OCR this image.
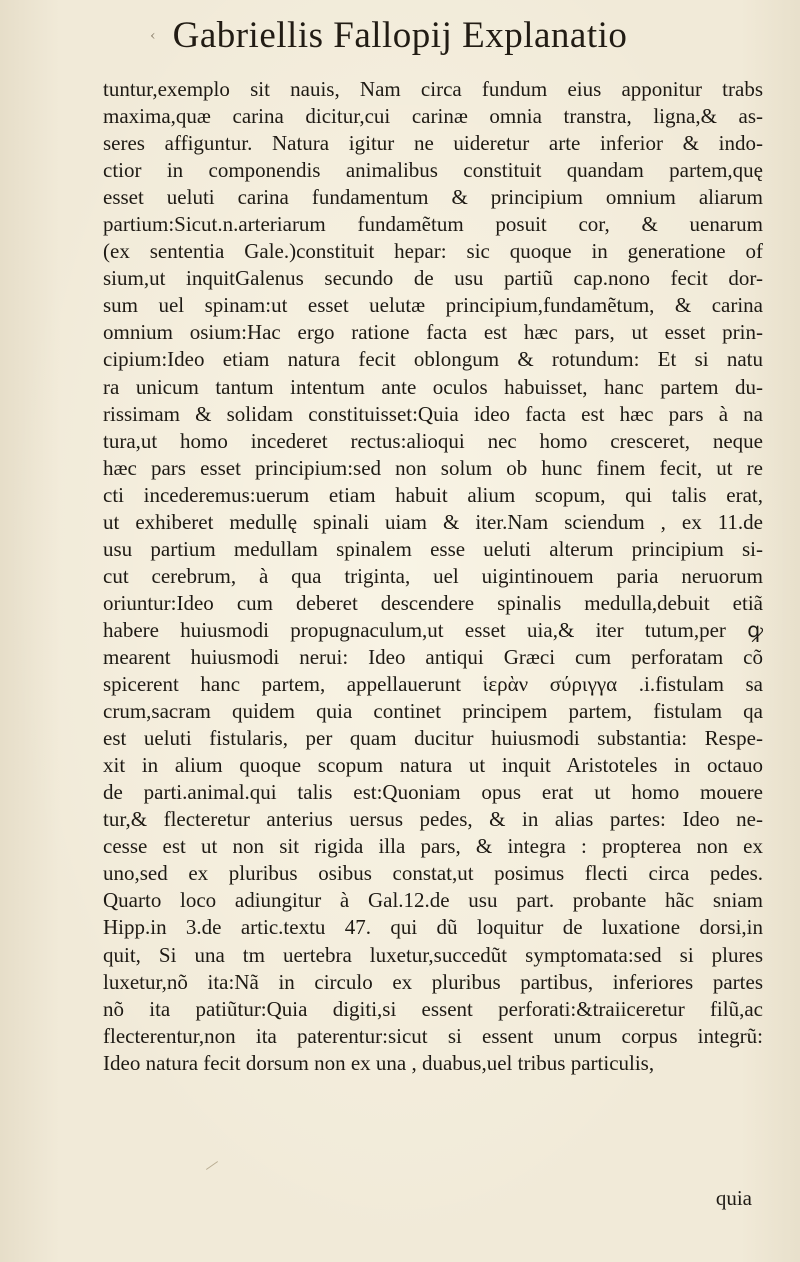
‹ Gabriellis Fallopij Explanatio
tuntur,exemplo sit nauis, Nam circa fundum eius apponitur trabs
maxima,quæ carina dicitur,cui carinæ omnia transtra, ligna,& as-
seres affiguntur. Natura igitur ne uideretur arte inferior & indo-
ctior in componendis animalibus constituit quandam partem,quę
esset ueluti carina fundamentum & principium omnium aliarum
partium:Sicut.n.arteriarum fundamẽtum posuit cor, & uenarum
(ex sententia Gale.)constituit hepar: sic quoque in generatione of
sium,ut inquitGalenus secundo de usu partiũ cap.nono fecit dor-
sum uel spinam:ut esset uelutæ principium,fundamẽtum, & carina
omnium osium:Hac ergo ratione facta est hæc pars, ut esset prin-
cipium:Ideo etiam natura fecit oblongum & rotundum: Et si natu
ra unicum tantum intentum ante oculos habuisset, hanc partem du-
rissimam & solidam constituisset:Quia ideo facta est hæc pars à na
tura,ut homo incederet rectus:alioqui nec homo cresceret, neque
hæc pars esset principium:sed non solum ob hunc finem fecit, ut re
cti incederemus:uerum etiam habuit alium scopum, qui talis erat,
ut exhiberet medullę spinali uiam & iter.Nam sciendum , ex 11.de
usu partium medullam spinalem esse ueluti alterum principium si-
cut cerebrum, à qua triginta, uel uigintinouem paria neruorum
oriuntur:Ideo cum deberet descendere spinalis medulla,debuit etiã
habere huiusmodi propugnaculum,ut esset uia,& iter tutum,per ꝙ
mearent huiusmodi nerui: Ideo antiqui Græci cum perforatam cõ
spicerent hanc partem, appellauerunt ἱερὰν σύριγγα .i.fistulam sa
crum,sacram quidem quia continet principem partem, fistulam qa
est ueluti fistularis, per quam ducitur huiusmodi substantia: Respe-
xit in alium quoque scopum natura ut inquit Aristoteles in octauo
de parti.animal.qui talis est:Quoniam opus erat ut homo mouere
tur,& flecteretur anterius uersus pedes, & in alias partes: Ideo ne-
cesse est ut non sit rigida illa pars, & integra : propterea non ex
uno,sed ex pluribus osibus constat,ut posimus flecti circa pedes.
Quarto loco adiungitur à Gal.12.de usu part. probante hãc sniam
Hipp.in 3.de artic.textu 47. qui dũ loquitur de luxatione dorsi,in
quit, Si una tm uertebra luxetur,succedũt symptomata:sed si plures
luxetur,nõ ita:Nã in circulo ex pluribus partibus, inferiores partes
nõ ita patiũtur:Quia digiti,si essent perforati:&traiiceretur filũ,ac
flecterentur,non ita paterentur:sicut si essent unum corpus integrũ:
Ideo natura fecit dorsum non ex una , duabus,uel tribus particulis,
quia
